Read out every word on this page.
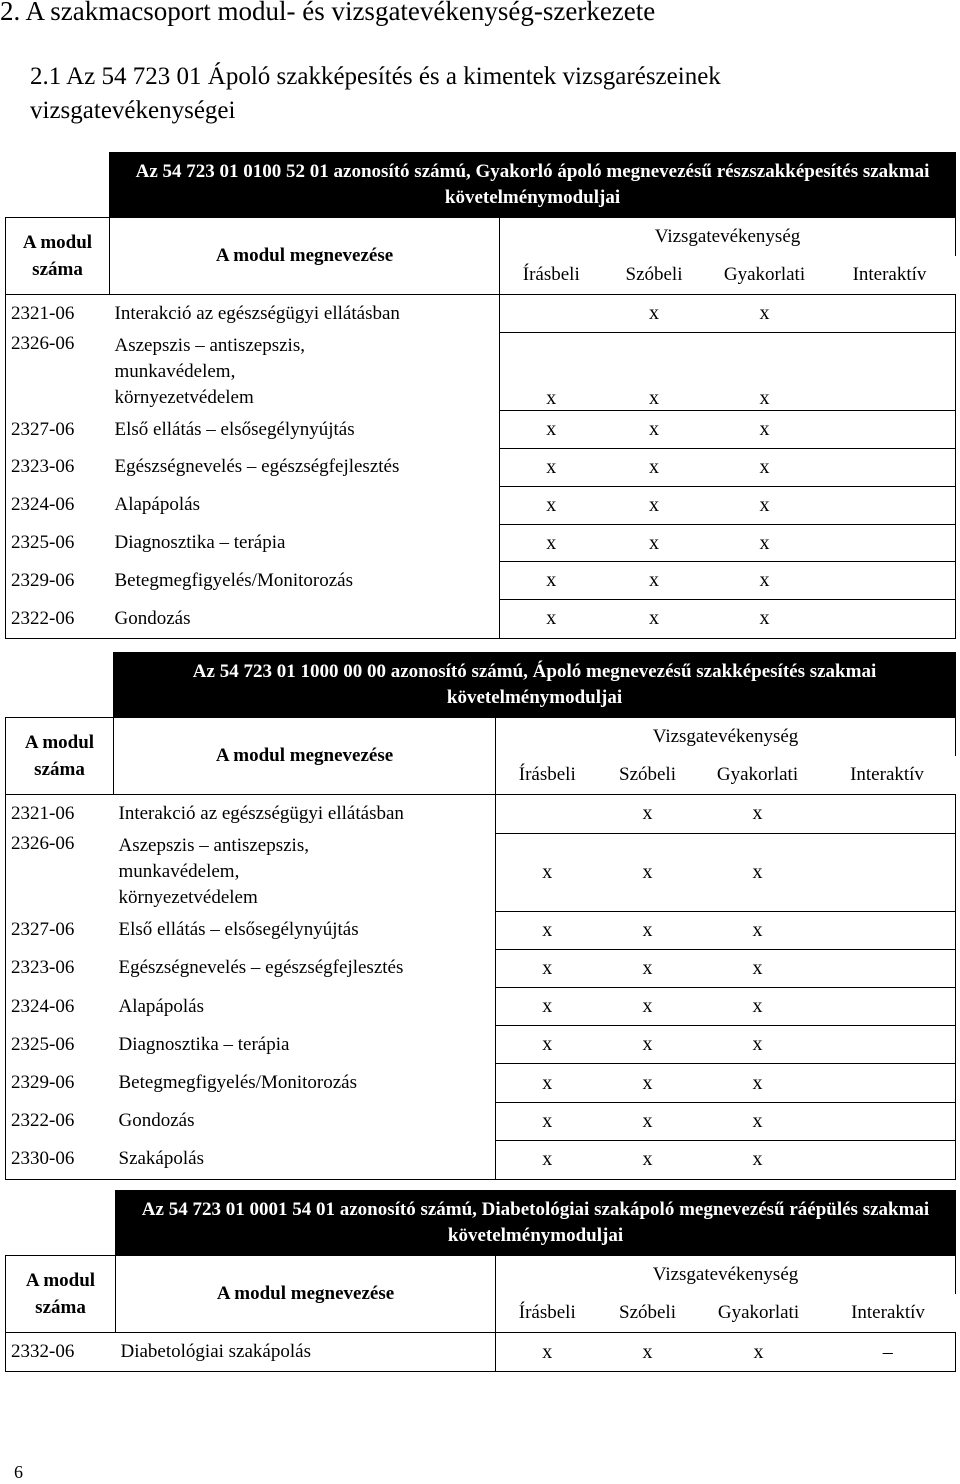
2. A szakmacsoport modul- és vizsgatevékenység-szerkezete
2.1 Az 54 723 01 Ápoló szakképesítés és a kimentek vizsgarészeinek vizsgatevékenységei
	Az 54 723 01 0100 52 01 azonosító számú, Gyakorló ápoló megnevezésű részszakképesítés szakmai követelménymoduljai				
A modul száma	A modul megnevezése	Vizsgatevékenység			
		Írásbeli	Szóbeli	Gyakorlati	Interaktív
2321-06	Interakció az egészségügyi ellátásban		x	x	
2326-06	Aszepszis – antiszepszis, munkavédelem, környezetvédelem	x	x	x	
2327-06	Első ellátás – elsősegélynyújtás	x	x	x	
2323-06	Egészségnevelés – egészségfejlesztés	x	x	x	
2324-06	Alapápolás	x	x	x	
2325-06	Diagnosztika – terápia	x	x	x	
2329-06	Betegmegfigyelés/Monitorozás	x	x	x	
2322-06	Gondozás	x	x	x	
	Az 54 723 01 1000 00 00 azonosító számú, Ápoló megnevezésű szakképesítés szakmai követelménymoduljai				
A modul száma	A modul megnevezése	Vizsgatevékenység			
		Írásbeli	Szóbeli	Gyakorlati	Interaktív
2321-06	Interakció az egészségügyi ellátásban		x	x	
2326-06	Aszepszis – antiszepszis, munkavédelem, környezetvédelem	x	x	x	
2327-06	Első ellátás – elsősegélynyújtás	x	x	x	
2323-06	Egészségnevelés – egészségfejlesztés	x	x	x	
2324-06	Alapápolás	x	x	x	
2325-06	Diagnosztika – terápia	x	x	x	
2329-06	Betegmegfigyelés/Monitorozás	x	x	x	
2322-06	Gondozás	x	x	x	
2330-06	Szakápolás	x	x	x	
	Az 54 723 01 0001 54 01 azonosító számú, Diabetológiai szakápoló megnevezésű ráépülés szakmai követelménymoduljai				
A modul száma	A modul megnevezése	Vizsgatevékenység			
		Írásbeli	Szóbeli	Gyakorlati	Interaktív
2332-06	Diabetológiai szakápolás	x	x	x	–
6
